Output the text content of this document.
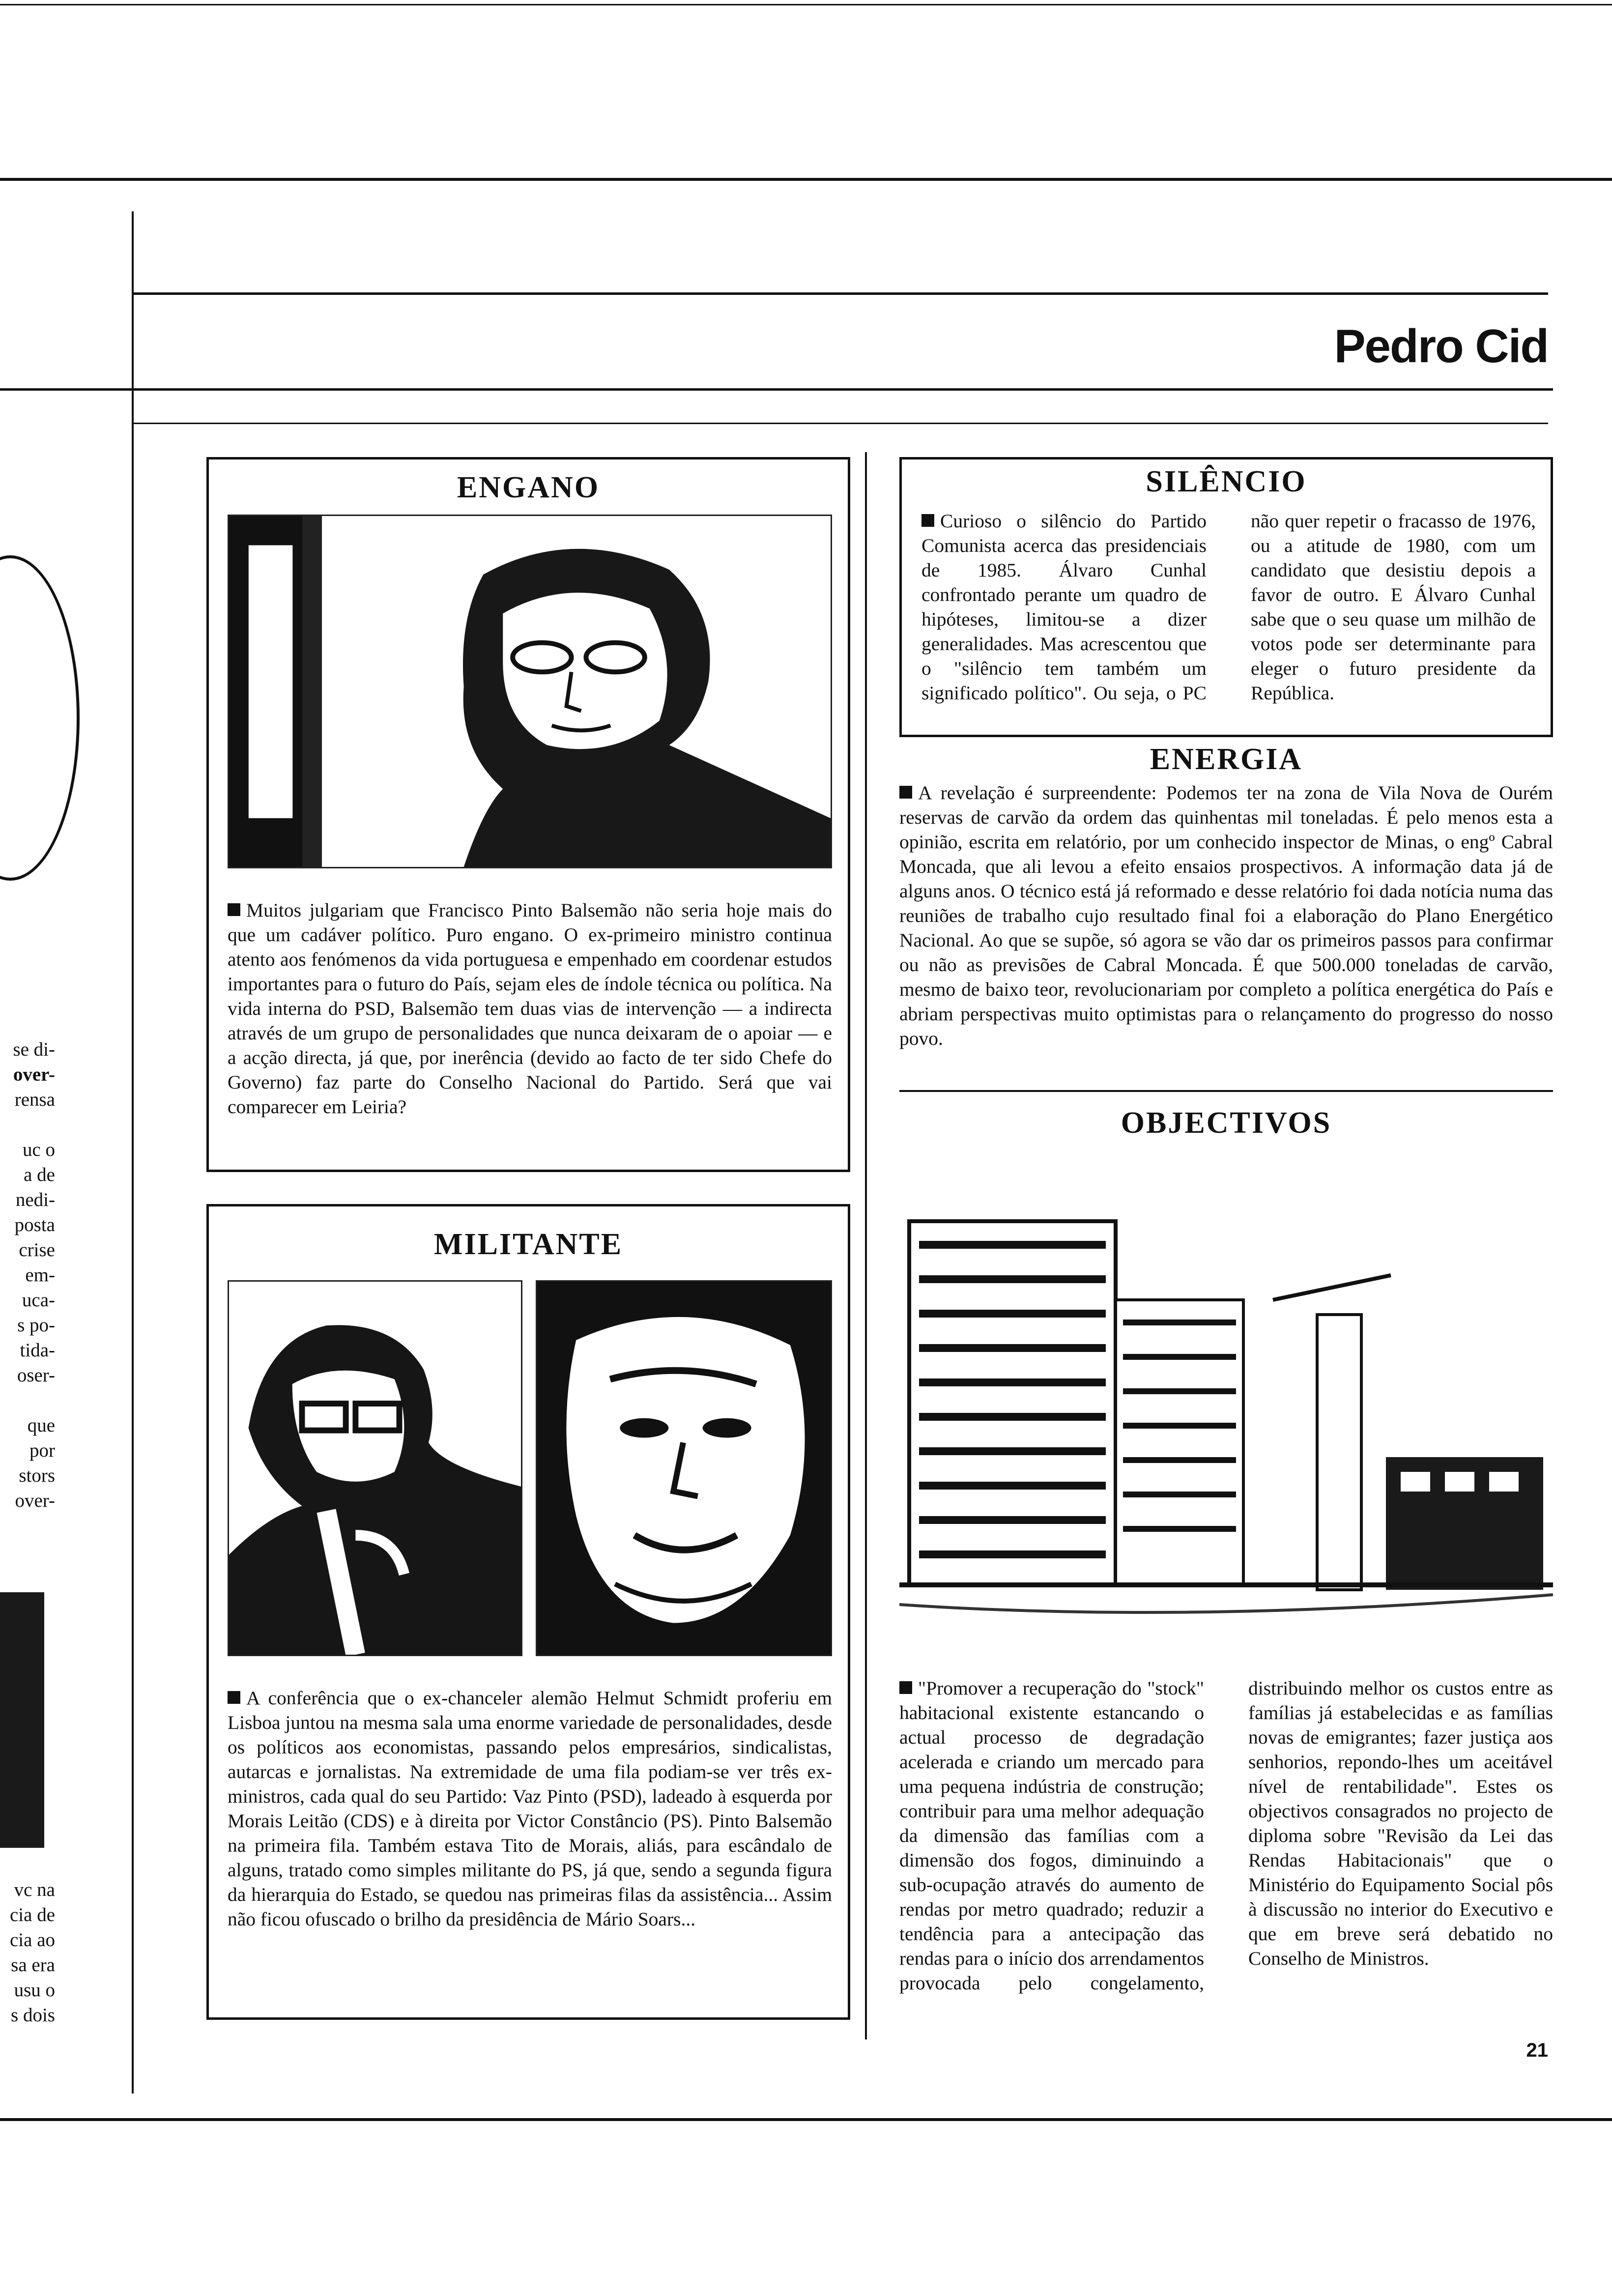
Pedro Cid
se di-
over-
rensa
uc o
a de
nedi-
posta
crise
em-
uca-
s po-
tida-
oser-
que
por
stors
over-
vc na
cia de
cia ao
sa era
usu o
s dois
ENGANO

Muitos julgariam que Francisco Pinto Balsemão não seria hoje mais do que um cadáver político. Puro engano. O ex-primeiro ministro continua atento aos fenómenos da vida portuguesa e empenhado em coordenar estudos importantes para o futuro do País, sejam eles de índole técnica ou política. Na vida interna do PSD, Balsemão tem duas vias de intervenção — a indirecta através de um grupo de personalidades que nunca deixaram de o apoiar — e a acção directa, já que, por inerência (devido ao facto de ter sido Chefe do Governo) faz parte do Conselho Nacional do Partido. Será que vai comparecer em Leiria?

MILITANTE

A conferência que o ex-chanceler alemão Helmut Schmidt proferiu em Lisboa juntou na mesma sala uma enorme variedade de personalidades, desde os políticos aos economistas, passando pelos empresários, sindicalistas, autarcas e jornalistas. Na extremidade de uma fila podiam-se ver três ex-ministros, cada qual do seu Partido: Vaz Pinto (PSD), ladeado à esquerda por Morais Leitão (CDS) e à direita por Victor Constâncio (PS). Pinto Balsemão na primeira fila. Também estava Tito de Morais, aliás, para escândalo de alguns, tratado como simples militante do PS, já que, sendo a segunda figura da hierarquia do Estado, se quedou nas primeiras filas da assistência... Assim não ficou ofuscado o brilho da presidência de Mário Soars...

SILÊNCIO

Curioso o silêncio do Partido Comunista acerca das presidenciais de 1985. Álvaro Cunhal confrontado perante um quadro de hipóteses, limitou-se a dizer generalidades. Mas acrescentou que o "silêncio tem também um significado político". Ou seja, o PC não quer repetir o fracasso de 1976, ou a atitude de 1980, com um candidato que desistiu depois a favor de outro. E Álvaro Cunhal sabe que o seu quase um milhão de votos pode ser determinante para eleger o futuro presidente da República.

ENERGIA

A revelação é surpreendente: Podemos ter na zona de Vila Nova de Ourém reservas de carvão da ordem das quinhentas mil toneladas. É pelo menos esta a opinião, escrita em relatório, por um conhecido inspector de Minas, o engº Cabral Moncada, que ali levou a efeito ensaios prospectivos. A informação data já de alguns anos. O técnico está já reformado e desse relatório foi dada notícia numa das reuniões de trabalho cujo resultado final foi a elaboração do Plano Energético Nacional. Ao que se supõe, só agora se vão dar os primeiros passos para confirmar ou não as previsões de Cabral Moncada. É que 500.000 toneladas de carvão, mesmo de baixo teor, revolucionariam por completo a política energética do País e abriam perspectivas muito optimistas para o relançamento do progresso do nosso povo.

OBJECTIVOS

"Promover a recuperação do "stock" habitacional existente estancando o actual processo de degradação acelerada e criando um mercado para uma pequena indústria de construção; contribuir para uma melhor adequação da dimensão das famílias com a dimensão dos fogos, diminuindo a sub-ocupação através do aumento de rendas por metro quadrado; reduzir a tendência para a antecipação das rendas para o início dos arrendamentos provocada pelo congelamento, distribuindo melhor os custos entre as famílias já estabelecidas e as famílias novas de emigrantes; fazer justiça aos senhorios, repondo-lhes um aceitável nível de rentabilidade". Estes os objectivos consagrados no projecto de diploma sobre "Revisão da Lei das Rendas Habitacionais" que o Ministério do Equipamento Social pôs à discussão no interior do Executivo e que em breve será debatido no Conselho de Ministros.

21
